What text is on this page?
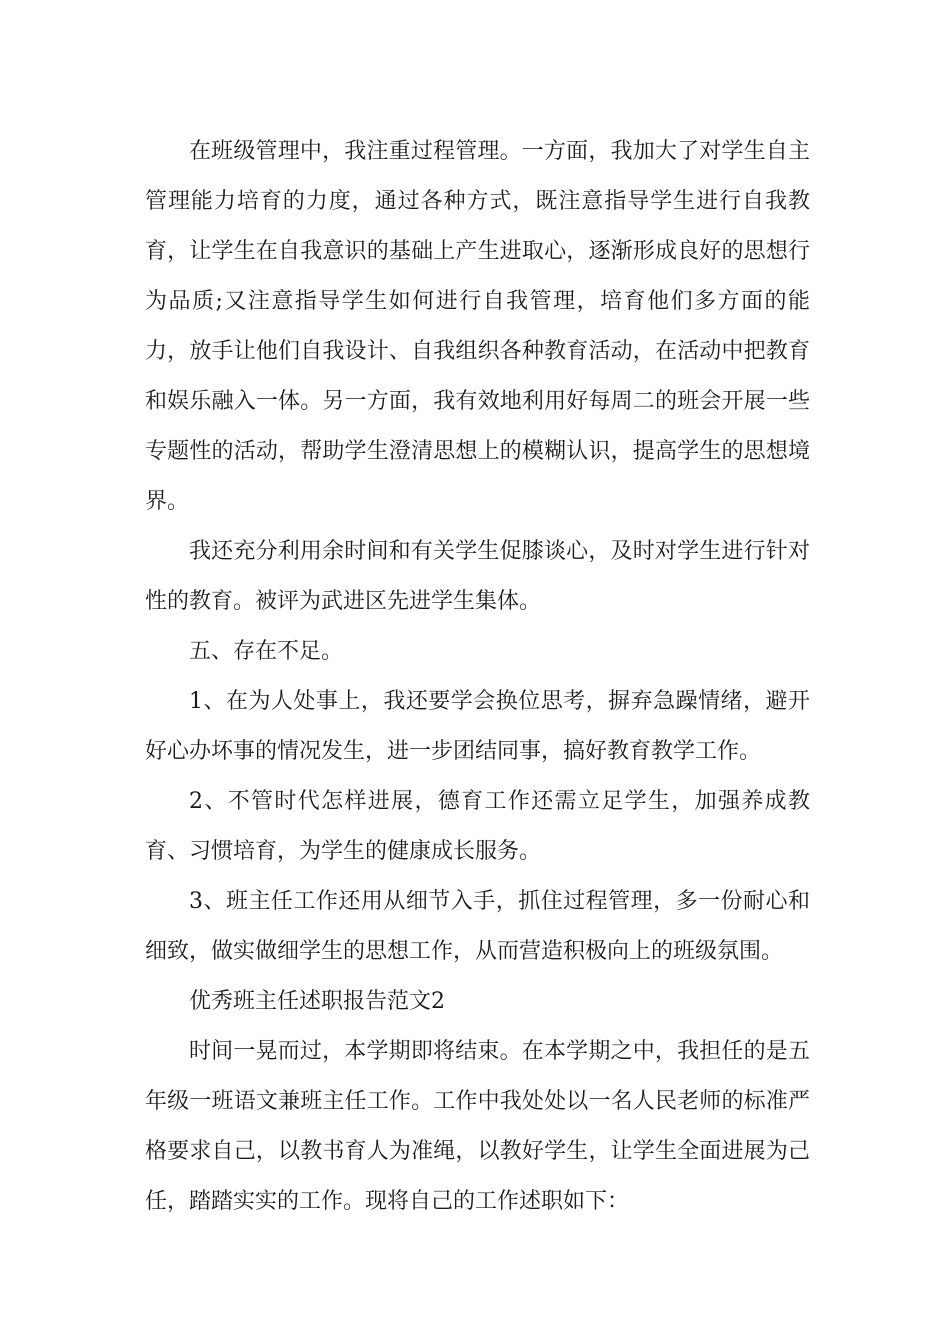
在班级管理中，我注重过程管理。一方面，我加大了对学生自主管理能力培育的力度，通过各种方式，既注意指导学生进行自我教育，让学生在自我意识的基础上产生进取心，逐渐形成良好的思想行为品质;又注意指导学生如何进行自我管理，培育他们多方面的能力，放手让他们自我设计、自我组织各种教育活动，在活动中把教育和娱乐融入一体。另一方面，我有效地利用好每周二的班会开展一些专题性的活动，帮助学生澄清思想上的模糊认识，提高学生的思想境界。

我还充分利用余时间和有关学生促膝谈心，及时对学生进行针对性的教育。被评为武进区先进学生集体。

五、存在不足。

1、在为人处事上，我还要学会换位思考，摒弃急躁情绪，避开好心办坏事的情况发生，进一步团结同事，搞好教育教学工作。

2、不管时代怎样进展，德育工作还需立足学生，加强养成教育、习惯培育，为学生的健康成长服务。

3、班主任工作还用从细节入手，抓住过程管理，多一份耐心和细致，做实做细学生的思想工作，从而营造积极向上的班级氛围。

优秀班主任述职报告范文2

时间一晃而过，本学期即将结束。在本学期之中，我担任的是五年级一班语文兼班主任工作。工作中我处处以一名人民老师的标准严格要求自己，以教书育人为准绳，以教好学生，让学生全面进展为己任，踏踏实实的工作。现将自己的工作述职如下：
